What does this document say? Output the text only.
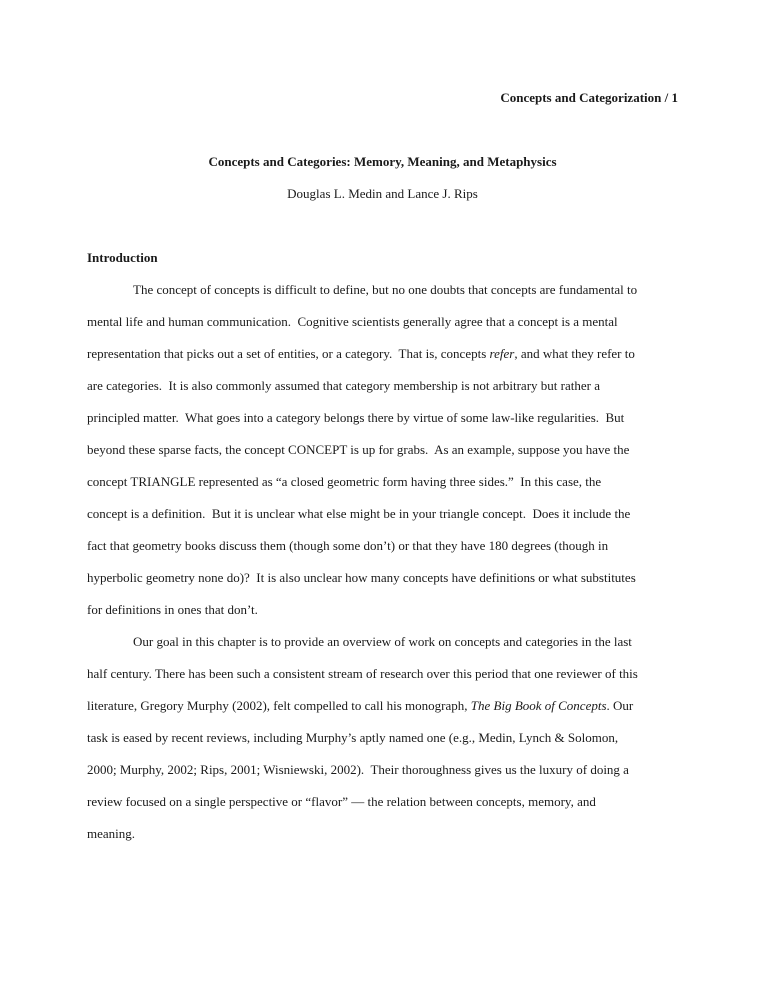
Concepts and Categorization / 1
Concepts and Categories: Memory, Meaning, and Metaphysics
Douglas L. Medin and Lance J. Rips
Introduction
The concept of concepts is difficult to define, but no one doubts that concepts are fundamental to
mental life and human communication.  Cognitive scientists generally agree that a concept is a mental
representation that picks out a set of entities, or a category.  That is, concepts refer, and what they refer to
are categories.  It is also commonly assumed that category membership is not arbitrary but rather a
principled matter.  What goes into a category belongs there by virtue of some law-like regularities.  But
beyond these sparse facts, the concept CONCEPT is up for grabs.  As an example, suppose you have the
concept TRIANGLE represented as “a closed geometric form having three sides.”  In this case, the
concept is a definition.  But it is unclear what else might be in your triangle concept.  Does it include the
fact that geometry books discuss them (though some don’t) or that they have 180 degrees (though in
hyperbolic geometry none do)?  It is also unclear how many concepts have definitions or what substitutes
for definitions in ones that don’t.
Our goal in this chapter is to provide an overview of work on concepts and categories in the last
half century. There has been such a consistent stream of research over this period that one reviewer of this
literature, Gregory Murphy (2002), felt compelled to call his monograph, The Big Book of Concepts. Our
task is eased by recent reviews, including Murphy’s aptly named one (e.g., Medin, Lynch & Solomon,
2000; Murphy, 2002; Rips, 2001; Wisniewski, 2002).  Their thoroughness gives us the luxury of doing a
review focused on a single perspective or “flavor” — the relation between concepts, memory, and
meaning.
